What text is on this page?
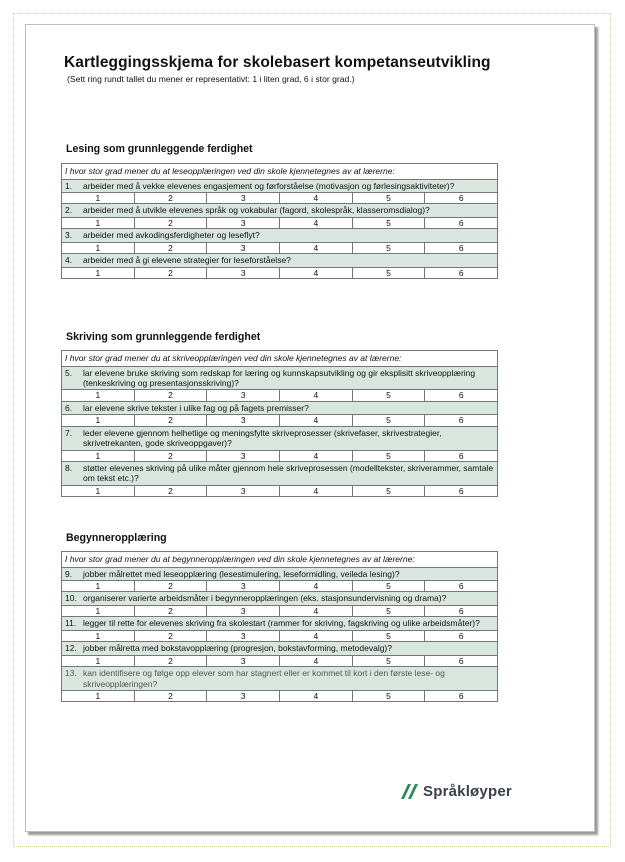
Kartleggingsskjema for skolebasert kompetanseutvikling
(Sett ring rundt tallet du mener er representativt: 1 i liten grad, 6 i stor grad.)
Lesing som grunnleggende ferdighet
I hvor stor grad mener du at leseopplæringen ved din skole kjennetegnes av at lærerne:
1.	arbeider med å vekke elevenes engasjement og førforståelse (motivasjon og førlesingsaktiviteter)?
1	2	3	4	5	6
2.	arbeider med å utvikle elevenes språk og vokabular (fagord, skolespråk, klasseromsdialog)?
1	2	3	4	5	6
3.	arbeider med avkodingsferdigheter og leseflyt?
1	2	3	4	5	6
4.	arbeider med å gi elevene strategier for leseforståelse?
1	2	3	4	5	6
Skriving som grunnleggende ferdighet
I hvor stor grad mener du at skriveopplæringen ved din skole kjennetegnes av at lærerne:
5.	lar elevene bruke skriving som redskap for læring og kunnskapsutvikling og gir eksplisitt skriveopplæring (tenkeskriving og presentasjonsskriving)?
1	2	3	4	5	6
6.	lar elevene skrive tekster i ulike fag og på fagets premisser?
1	2	3	4	5	6
7.	leder elevene gjennom helhetlige og meningsfylte skriveprosesser (skrivefaser, skrivestrategier, skrivetrekanten, gode skriveoppgaver)?
1	2	3	4	5	6
8.	støtter elevenes skriving på ulike måter gjennom hele skriveprosessen (modelltekster, skriverammer, samtale om tekst etc.)?
1	2	3	4	5	6
Begynneropplæring
I hvor stor grad mener du at begynneropplæringen ved din skole kjennetegnes av at lærerne:
9.	jobber målrettet med leseopplæring (lesestimulering, leseformidling, veileda lesing)?
1	2	3	4	5	6
10. organiserer varierte arbeidsmåter i begynneropplæringen (eks. stasjonsundervisning og drama)?
1	2	3	4	5	6
11. legger til rette for elevenes skriving fra skolestart (rammer for skriving, fagskriving og ulike arbeidsmåter)?
1	2	3	4	5	6
12. jobber målretta med bokstavopplæring (progresjon, bokstavforming, metodevalg)?
1	2	3	4	5	6
13. kan identifisere og følge opp elever som har stagnert eller er kommet til kort i den første lese- og skriveopplæringen?
1	2	3	4	5	6
Språkløyper
